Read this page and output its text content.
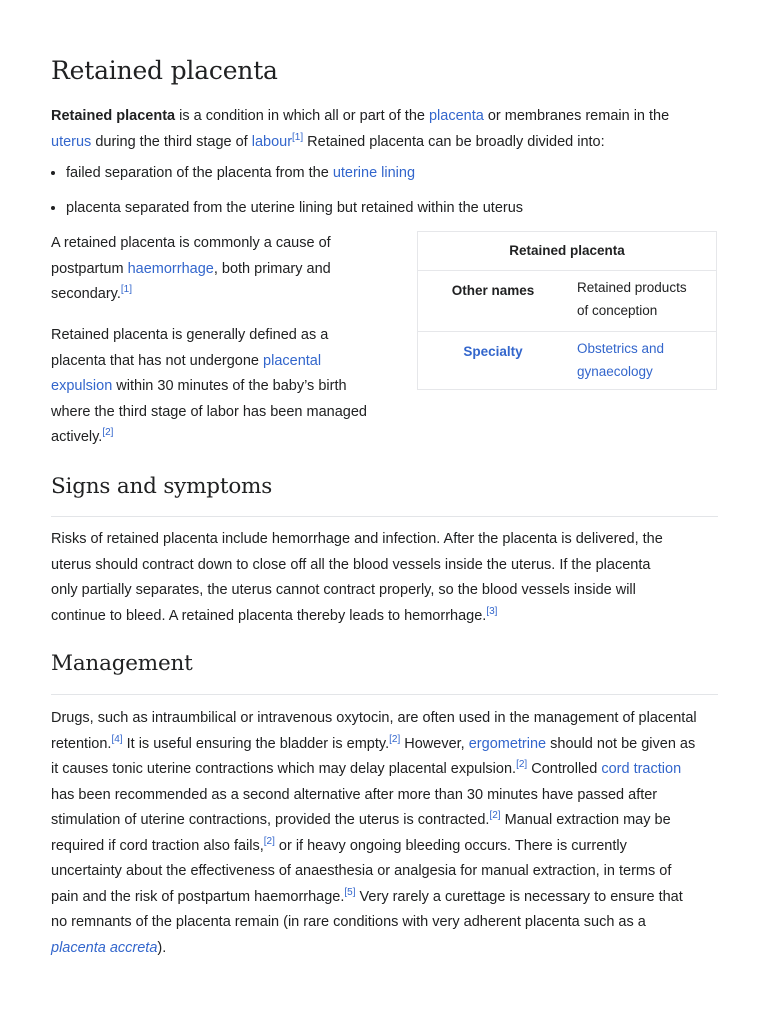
Retained placenta

Retained placenta is a condition in which all or part of the placenta or membranes remain in the

uterus during the third stage of labour[1] Retained placenta can be broadly divided into:

• failed separation of the placenta from the uterine lining
• placenta separated from the uterine lining but retained within the uterus

A retained placenta is commonly a cause of

postpartum haemorrhage, both primary and

secondary.[1]

Retained placenta is generally defined as a

placenta that has not undergone placental

expulsion within 30 minutes of the baby’s birth

where the third stage of labor has been managed

actively.[2]

Retained placenta
Other names	Retained products
of conception
Specialty	Obstetrics and
gynaecology
Signs and symptoms

Risks of retained placenta include hemorrhage and infection. After the placenta is delivered, the

uterus should contract down to close off all the blood vessels inside the uterus. If the placenta

only partially separates, the uterus cannot contract properly, so the blood vessels inside will

continue to bleed. A retained placenta thereby leads to hemorrhage.[3]

Management

Drugs, such as intraumbilical or intravenous oxytocin, are often used in the management of placental

retention.[4] It is useful ensuring the bladder is empty.[2] However, ergometrine should not be given as

it causes tonic uterine contractions which may delay placental expulsion.[2] Controlled cord traction

has been recommended as a second alternative after more than 30 minutes have passed after

stimulation of uterine contractions, provided the uterus is contracted.[2] Manual extraction may be

required if cord traction also fails,[2] or if heavy ongoing bleeding occurs. There is currently

uncertainty about the effectiveness of anaesthesia or analgesia for manual extraction, in terms of

pain and the risk of postpartum haemorrhage.[5] Very rarely a curettage is necessary to ensure that

no remnants of the placenta remain (in rare conditions with very adherent placenta such as a

placenta accreta).
